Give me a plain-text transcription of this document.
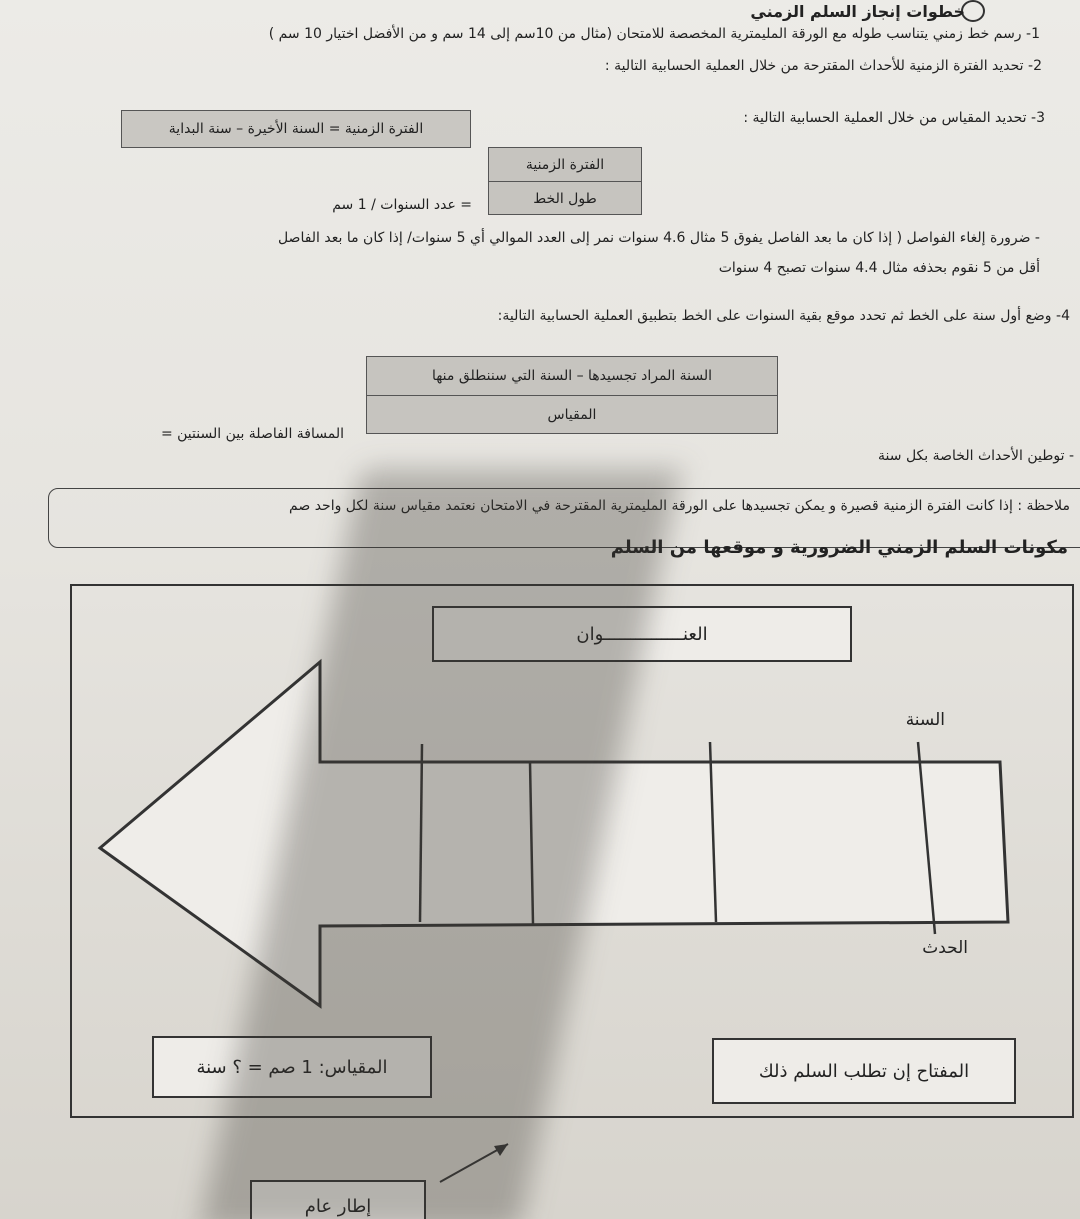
خطوات إنجاز السلم الزمني
1- رسم خط زمني يتناسب طوله مع الورقة المليمترية المخصصة للامتحان (مثال من 10سم إلى 14 سم و من الأفضل اختيار 10 سم )
2- تحديد الفترة الزمنية للأحداث المقترحة من خلال العملية الحسابية التالية :
الفترة الزمنية = السنة الأخيرة – سنة البداية
3- تحديد المقياس من خلال العملية الحسابية التالية :
الفترة الزمنية
طول الخط
= عدد السنوات / 1 سم
- ضرورة إلغاء الفواصل ( إذا كان ما بعد الفاصل يفوق 5 مثال 4.6 سنوات نمر إلى العدد الموالي أي 5 سنوات/ إذا كان ما بعد الفاصل
أقل من 5 نقوم بحذفه مثال 4.4 سنوات تصبح 4 سنوات
4- وضع أول سنة على الخط ثم تحدد موقع بقية السنوات على الخط بتطبيق العملية الحسابية التالية:
السنة المراد تجسيدها – السنة التي سننطلق منها
المقياس
المسافة الفاصلة بين السنتين =
- توطين الأحداث الخاصة بكل سنة
ملاحظة : إذا كانت الفترة الزمنية قصيرة و يمكن تجسيدها على الورقة المليمترية المقترحة في الامتحان نعتمد مقياس سنة لكل واحد صم
مكونات السلم الزمني الضرورية و موقعها من السلم
العنـــــــــــــــوان
السنة
الحدث
المقياس: 1 صم = ؟ سنة	المفتاح إن تطلب السلم ذلك
إطار عام
